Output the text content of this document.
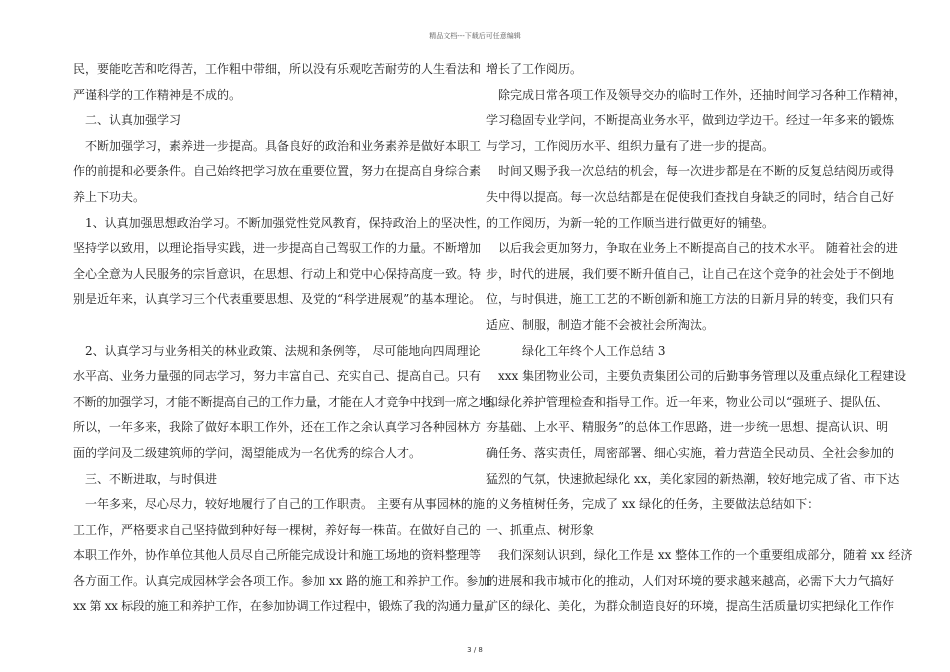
精品文档---下载后可任意编辑

民，要能吃苦和吃得苦，工作粗中带细，所以没有乐观吃苦耐劳的人生看法和

严谨科学的工作精神是不成的。

二、认真加强学习

不断加强学习，素养进一步提高。具备良好的政治和业务素养是做好本职工

作的前提和必要条件。自己始终把学习放在重要位置，努力在提高自身综合素

养上下功夫。

1、认真加强思想政治学习。不断加强党性党风教育，保持政治上的坚决性，

坚持学以致用，以理论指导实践，进一步提高自己驾驭工作的力量。不断增加

全心全意为人民服务的宗旨意识，在思想、行动上和党中心保持高度一致。特

别是近年来，认真学习三个代表重要思想、及党的“科学进展观”的基本理论。

2、认真学习与业务相关的林业政策、法规和条例等， 尽可能地向四周理论

水平高、业务力量强的同志学习，努力丰富自己、充实自己、提高自己。只有

不断的加强学习，才能不断提高自己的工作力量，才能在人才竞争中找到一席之地。

所以，一年多来，我除了做好本职工作外，还在工作之余认真学习各种园林方

面的学问及二级建筑师的学问，渴望能成为一名优秀的综合人才。

三、不断进取，与时俱进

一年多来，尽心尽力，较好地履行了自己的工作职责。 主要有从事园林的施

工工作，严格要求自己坚持做到种好每一棵树，养好每一株苗。在做好自己的

本职工作外，协作单位其他人员尽自己所能完成设计和施工场地的资料整理等

各方面工作。认真完成园林学会各项工作。参加 xx 路的施工和养护工作。参加

xx 第 xx 标段的施工和养护工作，在参加协调工作过程中，锻炼了我的沟通力量，

增长了工作阅历。

除完成日常各项工作及领导交办的临时工作外，还抽时间学习各种工作精神，

学习稳固专业学问，不断提高业务水平，做到边学边干。经过一年多来的锻炼

与学习，工作阅历水平、组织力量有了进一步的提高。

时间又赐予我一次总结的机会，每一次进步都是在不断的反复总结阅历或得

失中得以提高。每一次总结都是在促使我们查找自身缺乏的同时，结合自己好

的工作阅历，为新一轮的工作顺当进行做更好的铺垫。

以后我会更加努力，争取在业务上不断提高自己的技术水平。 随着社会的进

步，时代的进展，我们要不断升值自己，让自己在这个竞争的社会处于不倒地

位，与时俱进，施工工艺的不断创新和施工方法的日新月异的转变，我们只有

适应、制服，制造才能不会被社会所淘汰。

绿化工年终个人工作总结 3

xxx 集团物业公司，主要负责集团公司的后勤事务管理以及重点绿化工程建设

和绿化养护管理检查和指导工作。近一年来，物业公司以“强班子、提队伍、

夯基础、上水平、精服务”的总体工作思路，进一步统一思想、提高认识、明

确任务、落实责任，周密部署、细心实施，着力营造全民动员、全社会参加的

猛烈的气氛，快速掀起绿化 xx，美化家园的新热潮，较好地完成了省、市下达

的义务植树任务，完成了 xx 绿化的任务，主要做法总结如下：

一、抓重点、树形象

我们深刻认识到，绿化工作是 xx 整体工作的一个重要组成部分，随着 xx 经济

的进展和我市城市化的推动，人们对环境的要求越来越高，必需下大力气搞好

矿区的绿化、美化，为群众制造良好的环境，提高生活质量切实把绿化工作作

3 / 8
